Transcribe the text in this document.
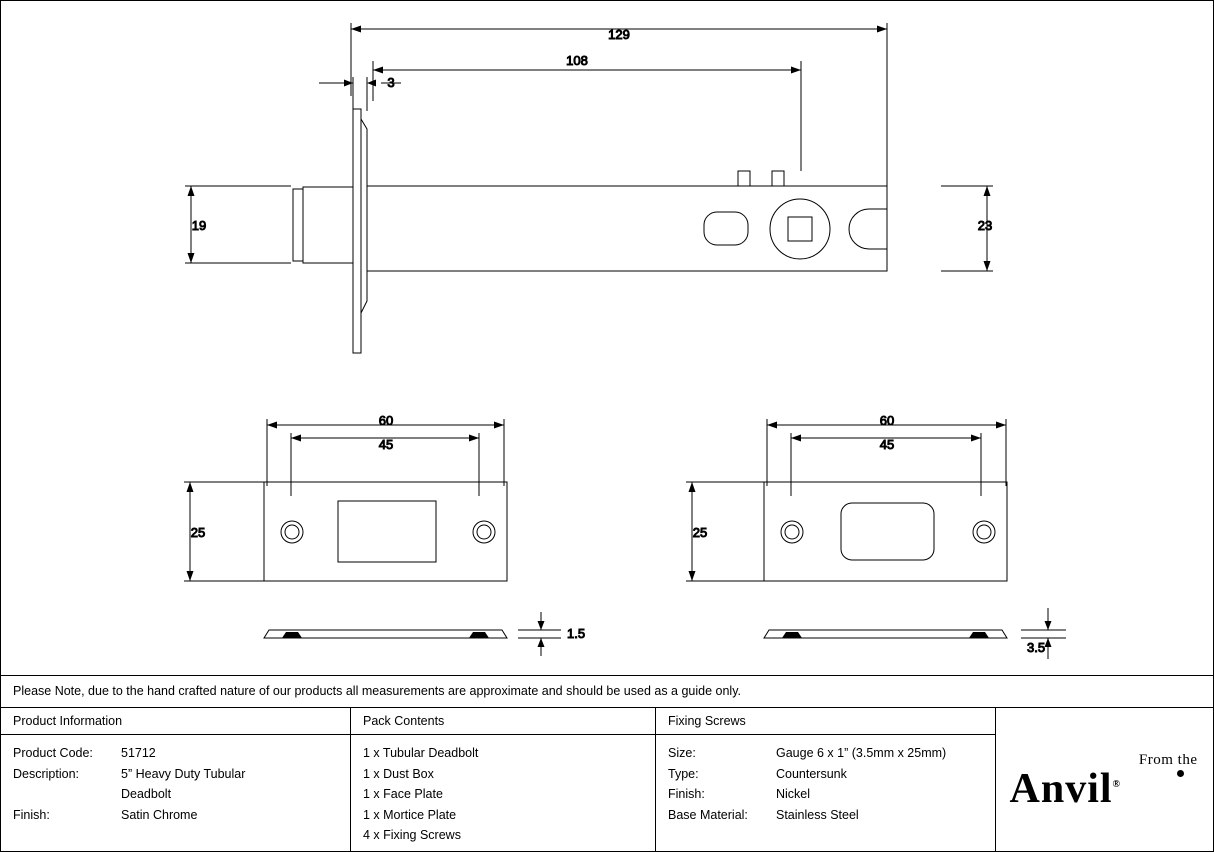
129
108
3
19	23
60
45
25
1.5
60
45
25
3.5
Please Note, due to the hand crafted nature of our products all measurements are approximate and should be used as a guide only.
Product Information
Product Code:	51712
Description:	5” Heavy Duty Tubular
Deadbolt
Finish:	Satin Chrome
Pack Contents
1 x Tubular Deadbolt
1 x Dust Box
1 x Face Plate
1 x Mortice Plate
4 x Fixing Screws
Fixing Screws
Size:	Gauge 6 x 1” (3.5mm x 25mm)
Type:	Countersunk
Finish:	Nickel
Base Material:	Stainless Steel
From the
Anvil®
